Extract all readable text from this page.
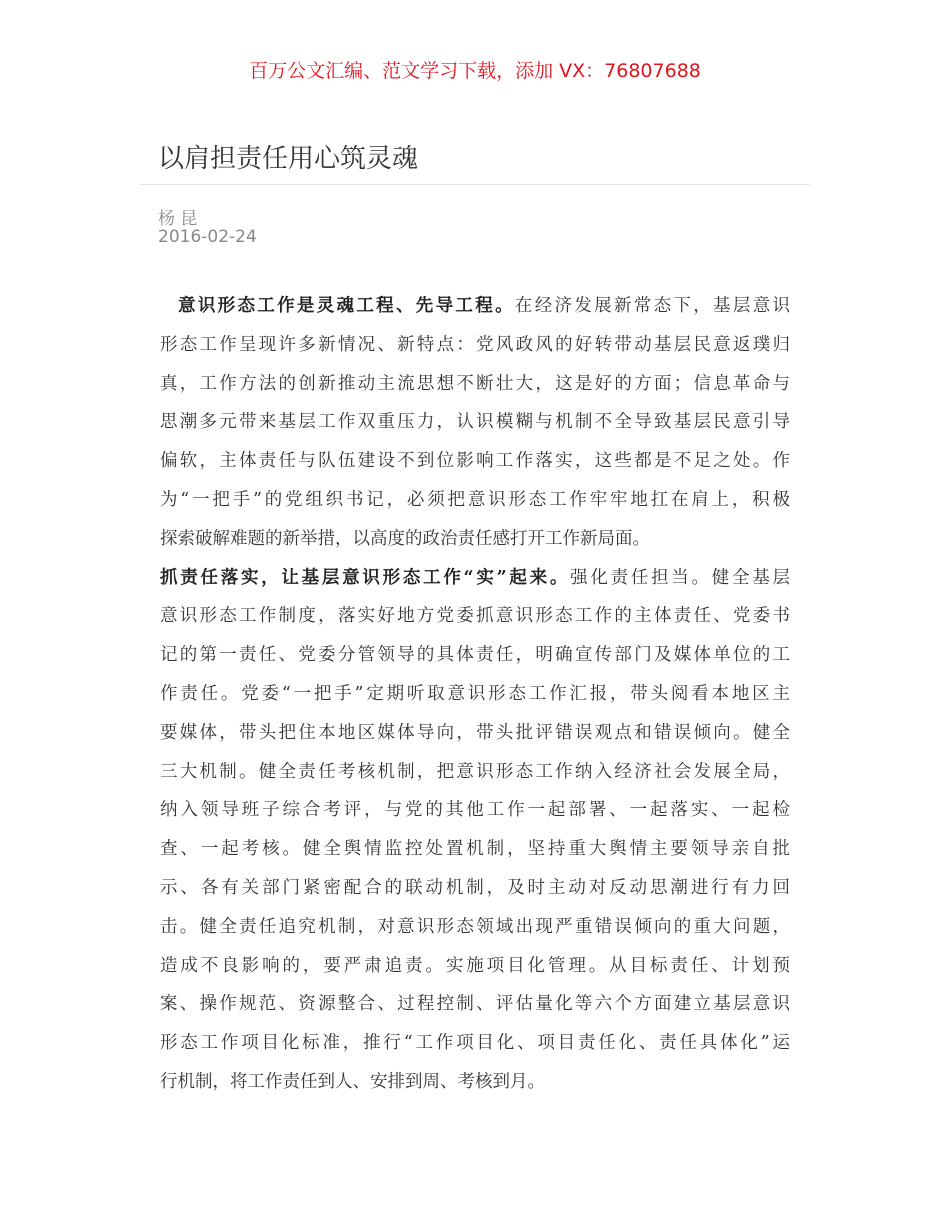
百万公文汇编、范文学习下载，添加 VX：76807688
以肩担责任用心筑灵魂
杨 昆
2016-02-24
意识形态工作是灵魂工程、先导工程。在经济发展新常态下，基层意识
形态工作呈现许多新情况、新特点：党风政风的好转带动基层民意返璞归
真，工作方法的创新推动主流思想不断壮大，这是好的方面；信息革命与
思潮多元带来基层工作双重压力，认识模糊与机制不全导致基层民意引导
偏软，主体责任与队伍建设不到位影响工作落实，这些都是不足之处。作
为“一把手”的党组织书记，必须把意识形态工作牢牢地扛在肩上，积极
探索破解难题的新举措，以高度的政治责任感打开工作新局面。
抓责任落实，让基层意识形态工作“实”起来。强化责任担当。健全基层
意识形态工作制度，落实好地方党委抓意识形态工作的主体责任、党委书
记的第一责任、党委分管领导的具体责任，明确宣传部门及媒体单位的工
作责任。党委“一把手”定期听取意识形态工作汇报，带头阅看本地区主
要媒体，带头把住本地区媒体导向，带头批评错误观点和错误倾向。健全
三大机制。健全责任考核机制，把意识形态工作纳入经济社会发展全局，
纳入领导班子综合考评，与党的其他工作一起部署、一起落实、一起检
查、一起考核。健全舆情监控处置机制，坚持重大舆情主要领导亲自批
示、各有关部门紧密配合的联动机制，及时主动对反动思潮进行有力回
击。健全责任追究机制，对意识形态领域出现严重错误倾向的重大问题，
造成不良影响的，要严肃追责。实施项目化管理。从目标责任、计划预
案、操作规范、资源整合、过程控制、评估量化等六个方面建立基层意识
形态工作项目化标准，推行“工作项目化、项目责任化、责任具体化”运
行机制，将工作责任到人、安排到周、考核到月。
